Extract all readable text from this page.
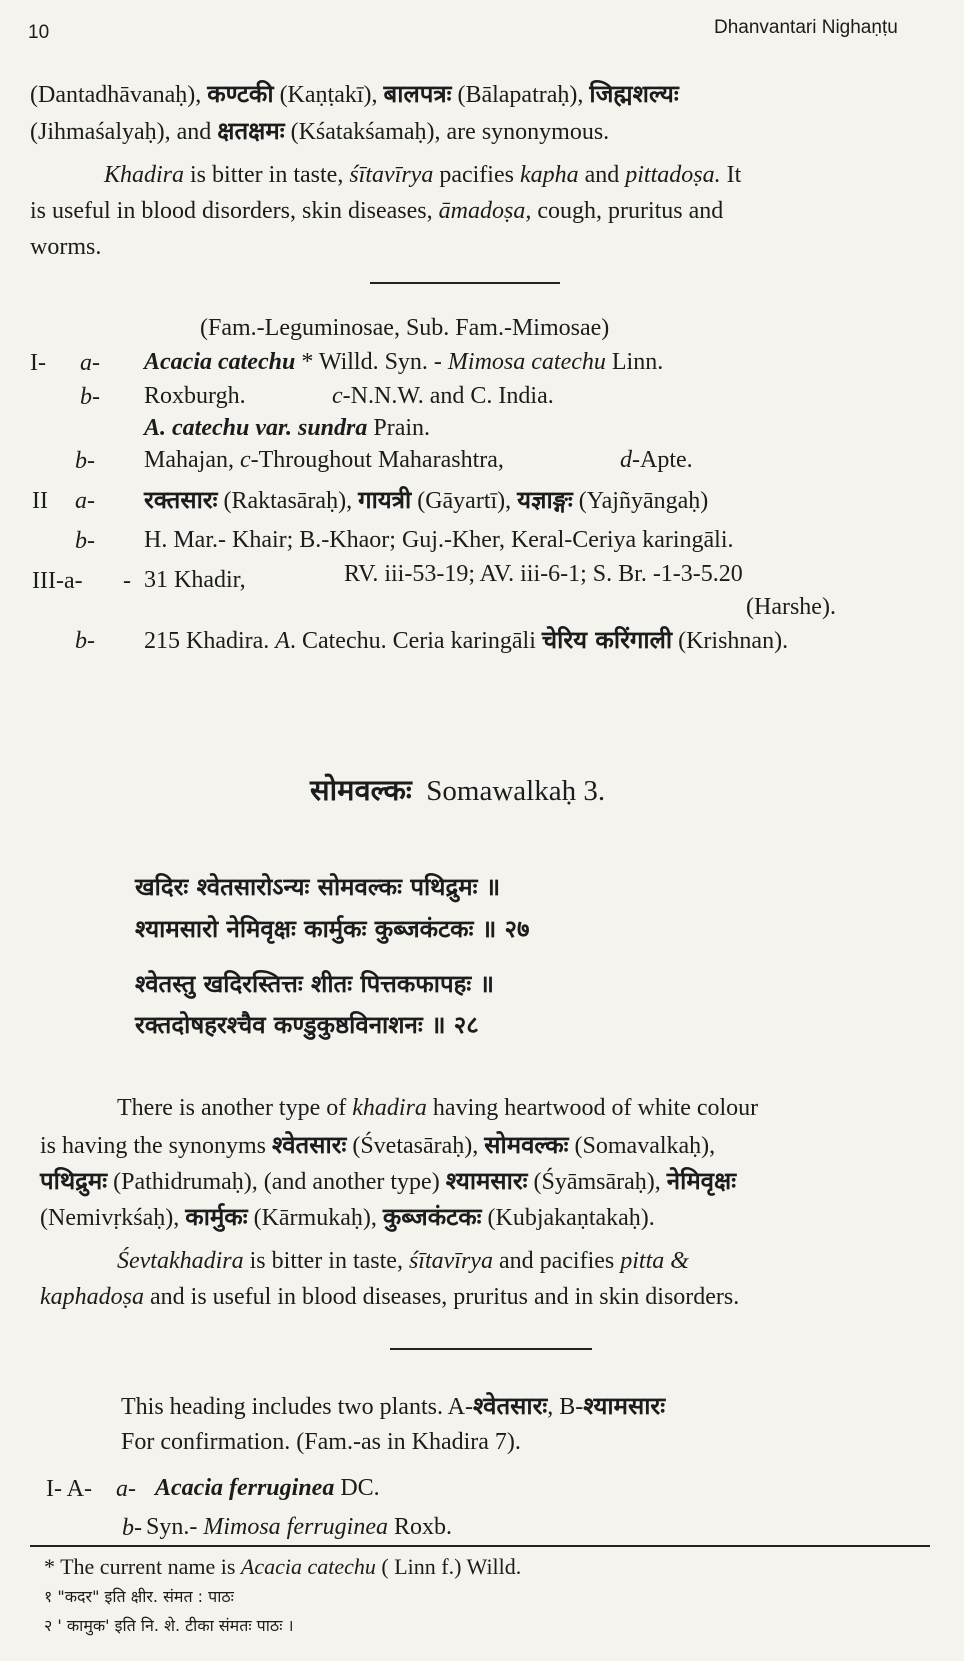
10	Dhanvantari Nighaṇṭu
(Dantadhāvanaḥ), कण्टकी (Kaṇṭakī), बालपत्रः (Bālapatraḥ), जिह्मशल्यः
(Jihmaśalyaḥ), and क्षतक्षमः (Kśatakśamaḥ), are synonymous.
Khadira is bitter in taste, śītavīrya pacifies kapha and pittadoṣa. It
is useful in blood disorders, skin diseases, āmadoṣa, cough, pruritus and
worms.
(Fam.-Leguminosae, Sub. Fam.-Mimosae)
I- a- Acacia catechu * Willd. Syn. - Mimosa catechu Linn.
b- Roxburgh.	c-N.N.W. and C. India.
A. catechu var. sundra Prain.
b- Mahajan, c-Throughout Maharashtra,	d-Apte.
II a- रक्तसारः (Raktasāraḥ), गायत्री (Gāyartī), यज्ञाङ्गः (Yajñyāngaḥ)
b- H. Mar.- Khair; B.-Khaor; Guj.-Kher, Keral-Ceriya karingāli.
III-a- - 31 Khadir,	RV. iii-53-19; AV. iii-6-1; S. Br. -1-3-5.20
(Harshe).
b- 215 Khadira. A. Catechu. Ceria karingāli चेरिय करिंगाली (Krishnan).
सोमवल्कः Somawalkaḥ 3.
खदिरः श्वेतसारोऽन्यः सोमवल्कः पथिद्रुमः ॥
श्यामसारो नेमिवृक्षः कार्मुकः कुब्जकंटकः ॥ २७
श्वेतस्तु खदिरस्तित्तः शीतः पित्तकफापहः ॥
रक्तदोषहरश्चैव कण्डुकुष्ठविनाशनः ॥ २८
There is another type of khadira having heartwood of white colour
is having the synonyms श्वेतसारः (Śvetasāraḥ), सोमवल्कः (Somavalkaḥ),
पथिद्रुमः (Pathidrumaḥ), (and another type) श्यामसारः (Śyāmsāraḥ), नेमिवृक्षः
(Nemivṛkśaḥ), कार्मुकः (Kārmukaḥ), कुब्जकंटकः (Kubjakaṇtakaḥ).
Śevtakhadira is bitter in taste, śītavīrya and pacifies pitta &
kaphadoṣa and is useful in blood diseases, pruritus and in skin disorders.
This heading includes two plants. A-श्वेतसारः, B-श्यामसारः
For confirmation. (Fam.-as in Khadira 7).
I- A- a- Acacia ferruginea DC.
b- Syn.- Mimosa ferruginea Roxb.
* The current name is Acacia catechu ( Linn f.) Willd.
१ "कदर" इति क्षीर. संमत : पाठः
२ ' कामुक' इति नि. शे. टीका संमतः पाठः ।
